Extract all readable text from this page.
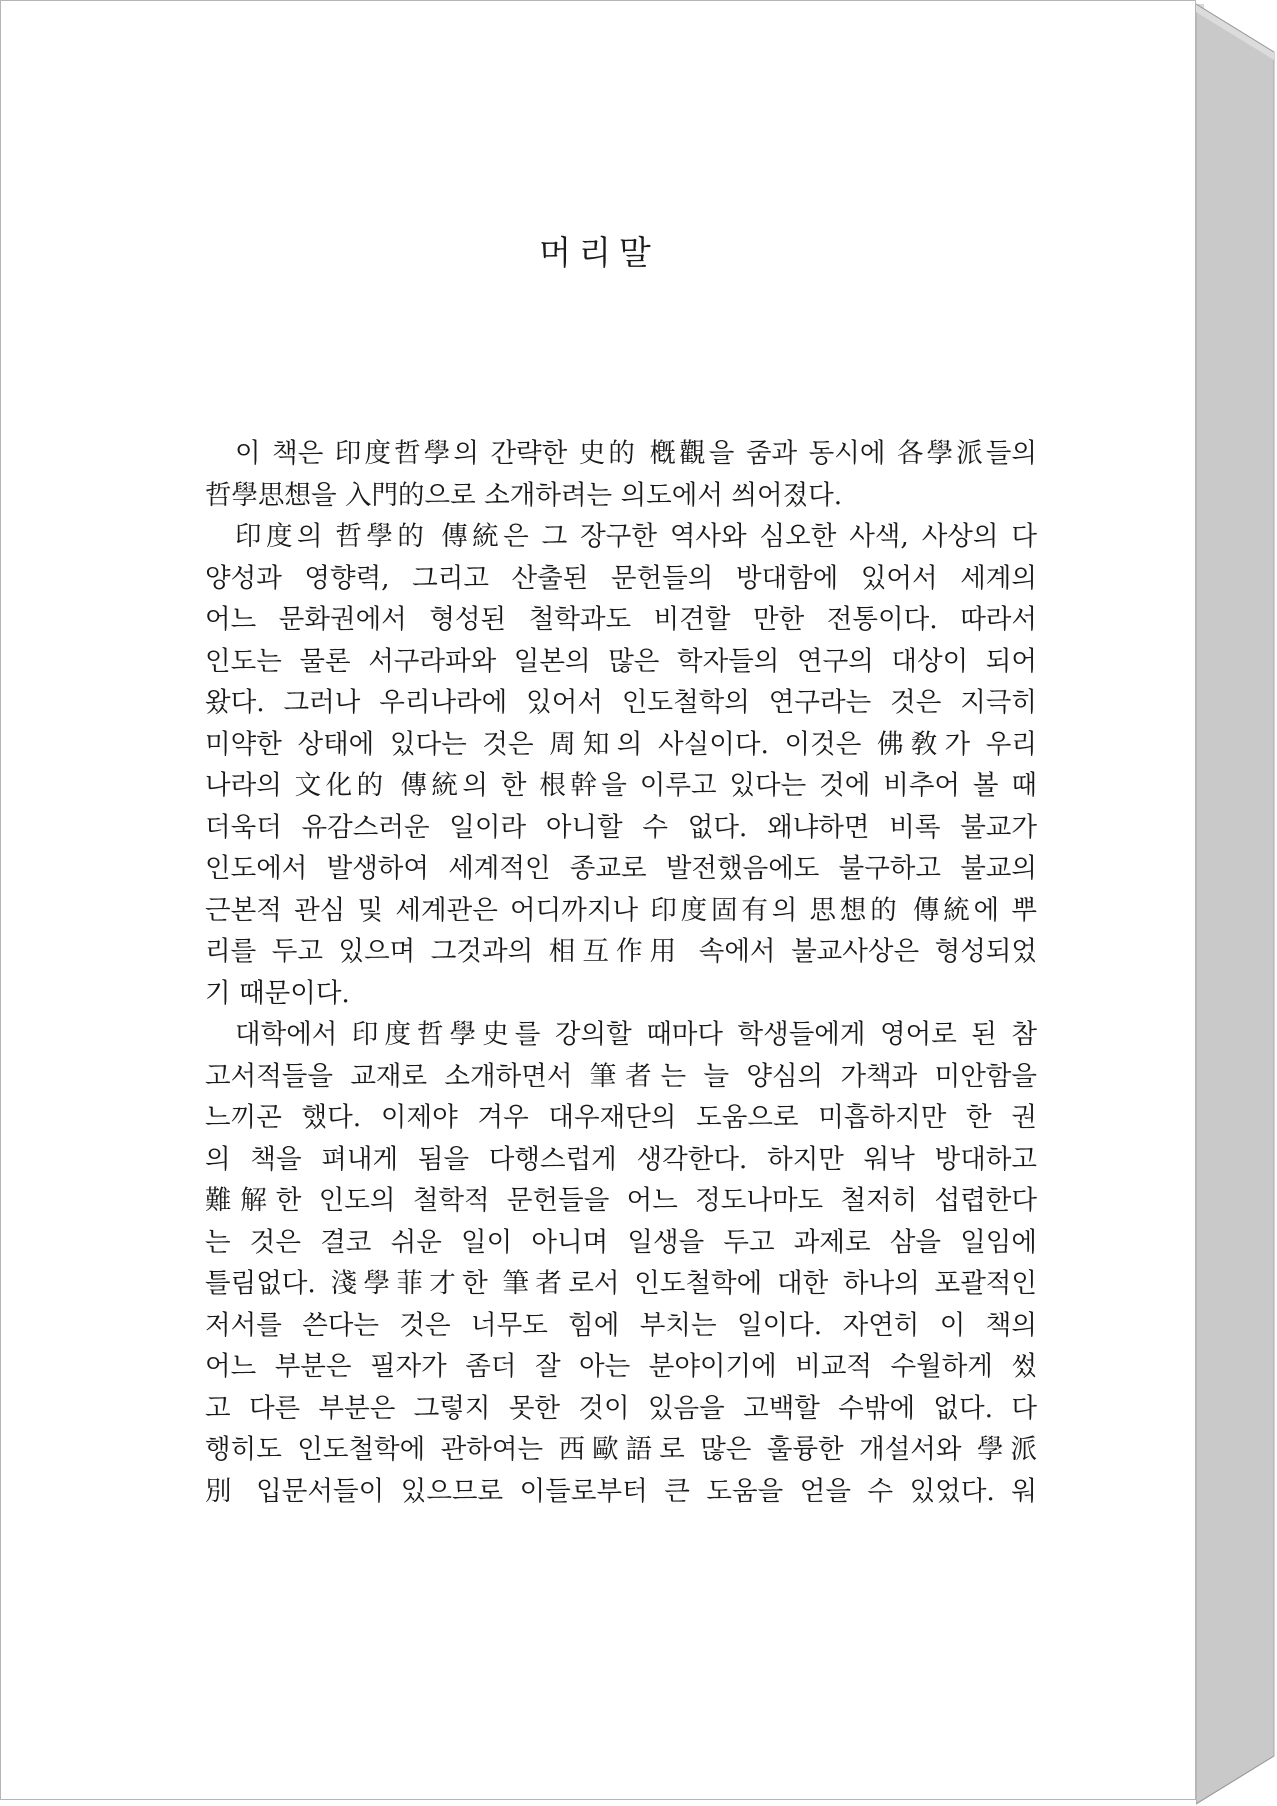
머리말
이 책은 印度哲學의 간략한 史的 槪觀을 줌과 동시에 各學派들의
哲學思想을 入門的으로 소개하려는 의도에서 씌어졌다.
印度의 哲學的 傳統은 그 장구한 역사와 심오한 사색, 사상의 다
양성과 영향력, 그리고 산출된 문헌들의 방대함에 있어서 세계의
어느 문화권에서 형성된 철학과도 비견할 만한 전통이다. 따라서
인도는 물론 서구라파와 일본의 많은 학자들의 연구의 대상이 되어
왔다. 그러나 우리나라에 있어서 인도철학의 연구라는 것은 지극히
미약한 상태에 있다는 것은 周知의 사실이다. 이것은 佛敎가 우리
나라의 文化的 傳統의 한 根幹을 이루고 있다는 것에 비추어 볼 때
더욱더 유감스러운 일이라 아니할 수 없다. 왜냐하면 비록 불교가
인도에서 발생하여 세계적인 종교로 발전했음에도 불구하고 불교의
근본적 관심 및 세계관은 어디까지나 印度固有의 思想的 傳統에 뿌
리를 두고 있으며 그것과의 相互作用 속에서 불교사상은 형성되었
기 때문이다.
대학에서 印度哲學史를 강의할 때마다 학생들에게 영어로 된 참
고서적들을 교재로 소개하면서 筆者는 늘 양심의 가책과 미안함을
느끼곤 했다. 이제야 겨우 대우재단의 도움으로 미흡하지만 한 권
의 책을 펴내게 됨을 다행스럽게 생각한다. 하지만 워낙 방대하고
難解한 인도의 철학적 문헌들을 어느 정도나마도 철저히 섭렵한다
는 것은 결코 쉬운 일이 아니며 일생을 두고 과제로 삼을 일임에
틀림없다. 淺學菲才한 筆者로서 인도철학에 대한 하나의 포괄적인
저서를 쓴다는 것은 너무도 힘에 부치는 일이다. 자연히 이 책의
어느 부분은 필자가 좀더 잘 아는 분야이기에 비교적 수월하게 썼
고 다른 부분은 그렇지 못한 것이 있음을 고백할 수밖에 없다. 다
행히도 인도철학에 관하여는 西歐語로 많은 훌륭한 개설서와 學派
別 입문서들이 있으므로 이들로부터 큰 도움을 얻을 수 있었다. 워
